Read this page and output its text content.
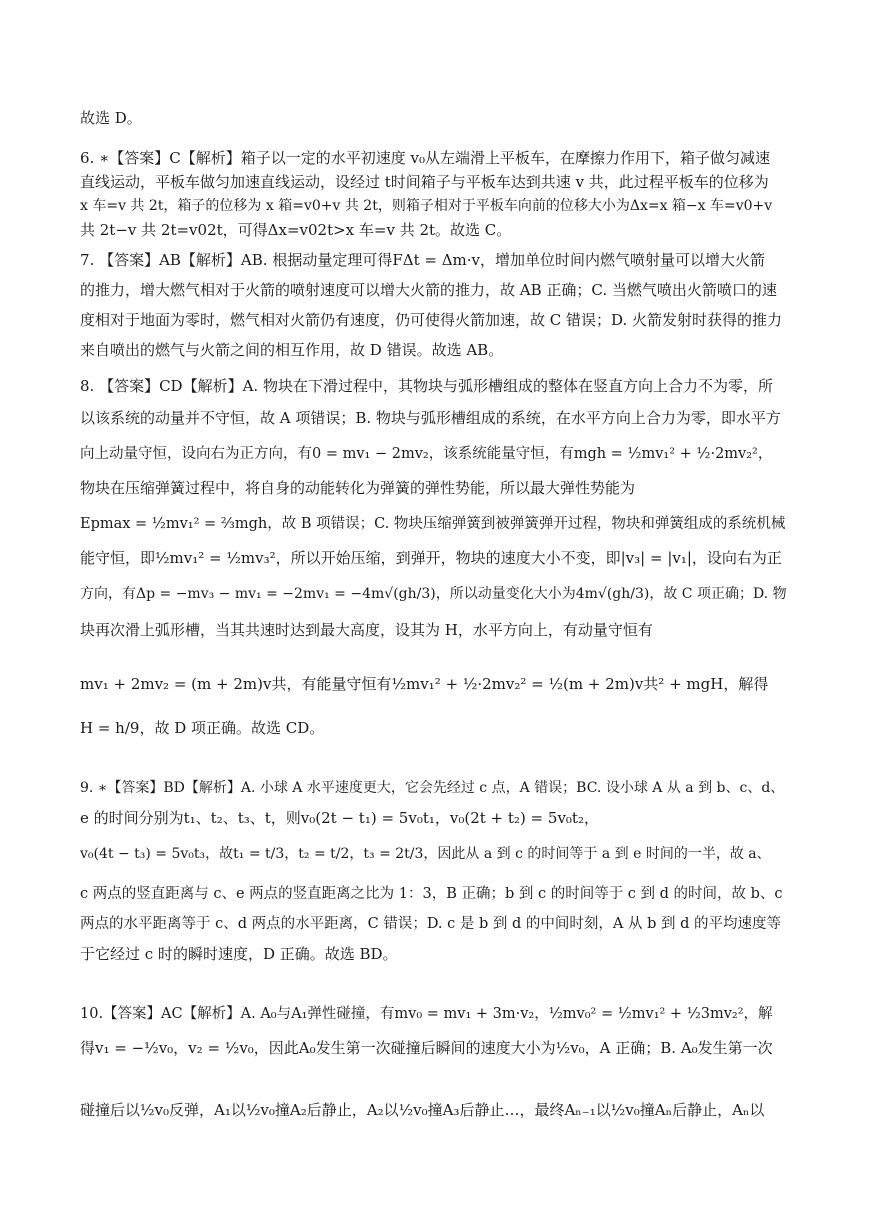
故选 D。
6. ∗【答案】C【解析】箱子以一定的水平初速度 v₀从左端滑上平板车，在摩擦力作用下，箱子做匀减速
直线运动，平板车做匀加速直线运动，设经过 t时间箱子与平板车达到共速 v 共，此过程平板车的位移为
x 车=v 共 2t，箱子的位移为 x 箱=v0+v 共 2t，则箱子相对于平板车向前的位移大小为Δx=x 箱−x 车=v0+v
共 2t−v 共 2t=v02t，可得Δx=v02t>x 车=v 共 2t。故选 C。
7. 【答案】AB【解析】AB. 根据动量定理可得FΔt = Δm·v，增加单位时间内燃气喷射量可以增大火箭
的推力，增大燃气相对于火箭的喷射速度可以增大火箭的推力，故 AB 正确；C. 当燃气喷出火箭喷口的速
度相对于地面为零时，燃气相对火箭仍有速度，仍可使得火箭加速，故 C 错误；D. 火箭发射时获得的推力
来自喷出的燃气与火箭之间的相互作用，故 D 错误。故选 AB。
8. 【答案】CD【解析】A. 物块在下滑过程中，其物块与弧形槽组成的整体在竖直方向上合力不为零，所
以该系统的动量并不守恒，故 A 项错误；B. 物块与弧形槽组成的系统，在水平方向上合力为零，即水平方
向上动量守恒，设向右为正方向，有0 = mv₁ − 2mv₂，该系统能量守恒，有mgh = ½mv₁² + ½·2mv₂²，
物块在压缩弹簧过程中，将自身的动能转化为弹簧的弹性势能，所以最大弹性势能为
Epmax = ½mv₁² = ⅔mgh，故 B 项错误；C. 物块压缩弹簧到被弹簧弹开过程，物块和弹簧组成的系统机械
能守恒，即½mv₁² = ½mv₃²，所以开始压缩，到弹开，物块的速度大小不变，即|v₃| = |v₁|，设向右为正
方向，有Δp = −mv₃ − mv₁ = −2mv₁ = −4m√(gh/3)，所以动量变化大小为4m√(gh/3)，故 C 项正确；D. 物
块再次滑上弧形槽，当其共速时达到最大高度，设其为 H，水平方向上，有动量守恒有
mv₁ + 2mv₂ = (m + 2m)v共，有能量守恒有½mv₁² + ½·2mv₂² = ½(m + 2m)v共² + mgH，解得
H = h/9，故 D 项正确。故选 CD。
9. ∗【答案】BD【解析】A. 小球 A 水平速度更大，它会先经过 c 点，A 错误；BC. 设小球 A 从 a 到 b、c、d、
e 的时间分别为t₁、t₂、t₃、t，则v₀(2t − t₁) = 5v₀t₁，v₀(2t + t₂) = 5v₀t₂，
v₀(4t − t₃) = 5v₀t₃，故t₁ = t/3，t₂ = t/2，t₃ = 2t/3，因此从 a 到 c 的时间等于 a 到 e 时间的一半，故 a、
c 两点的竖直距离与 c、e 两点的竖直距离之比为 1：3，B 正确；b 到 c 的时间等于 c 到 d 的时间，故 b、c
两点的水平距离等于 c、d 两点的水平距离，C 错误；D. c 是 b 到 d 的中间时刻，A 从 b 到 d 的平均速度等
于它经过 c 时的瞬时速度，D 正确。故选 BD。
10.【答案】AC【解析】A. A₀与A₁弹性碰撞，有mv₀ = mv₁ + 3m·v₂，½mv₀² = ½mv₁² + ½3mv₂²，解
得v₁ = −½v₀，v₂ = ½v₀，因此A₀发生第一次碰撞后瞬间的速度大小为½v₀，A 正确；B. A₀发生第一次
碰撞后以½v₀反弹，A₁以½v₀撞A₂后静止，A₂以½v₀撞A₃后静止…，最终Aₙ₋₁以½v₀撞Aₙ后静止，Aₙ以
